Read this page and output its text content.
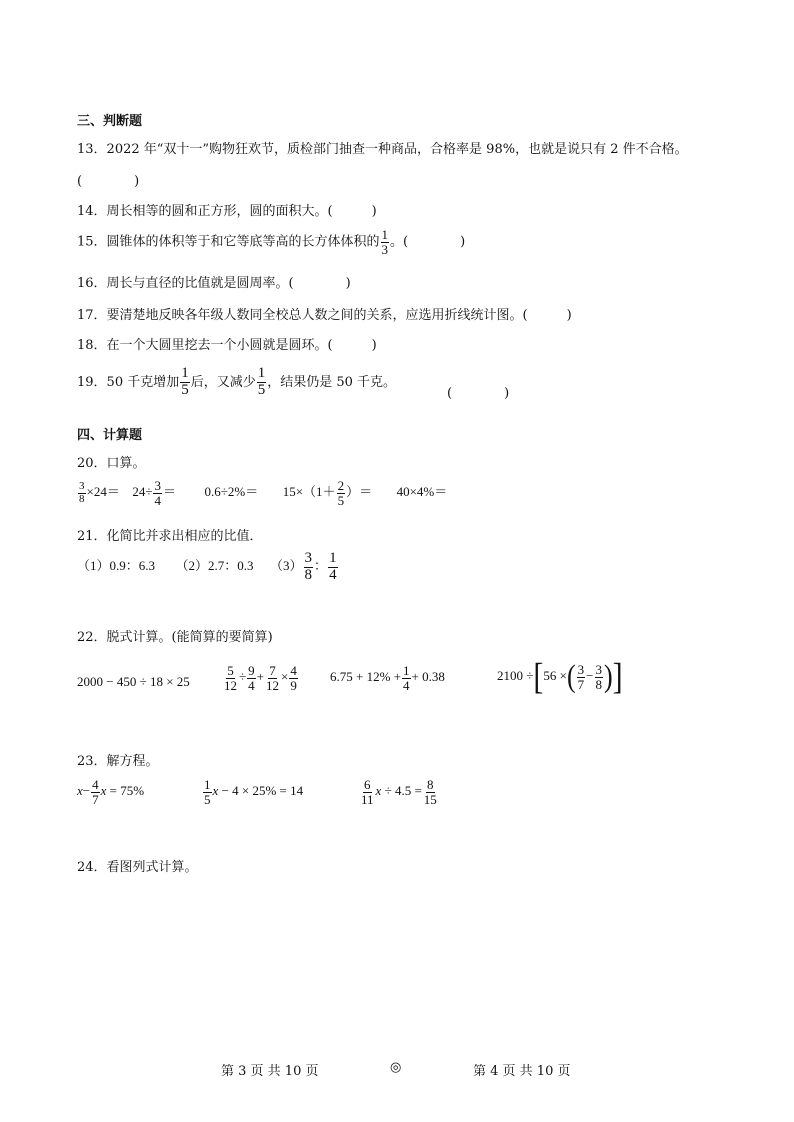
三、判断题
13．2022 年“双十一”购物狂欢节，质检部门抽查一种商品，合格率是 98%，也就是说只有 2 件不合格。
(　　　　)
14．周长相等的圆和正方形，圆的面积大。(　　　)
15．圆锥体的体积等于和它等底等高的长方体体积的 $\frac{1}{3}$ 。(　　　　)
16．周长与直径的比值就是圆周率。(　　　　)
17．要清楚地反映各年级人数同全校总人数之间的关系，应选用折线统计图。(　　　)
18．在一个大圆里挖去一个小圆就是圆环。(　　　)
19．50 千克增加 $\frac{1}{5}$ 后，又减少 $\frac{1}{5}$ ，结果仍是 50 千克。
(　　　　)
四、计算题
20．口算。
$\frac{3}{8} \times 24= 24\div \frac{3}{4} = 0.6\div 2\%= 15\times(1+ \frac{2}{5}$ ）＝ 40×4%＝
21．化简比并求出相应的比值．
（1）0.9：6.3 （2）2.7：0.3 $(3) \frac{3}{8}$ ： $\frac{1}{4}$
22．脱式计算。(能简算的要简算)
2000 − 450 ÷ 18 × 25	$\frac{5}{12} \div \frac{9}{4} + \frac{7}{12} \times \frac{4}{9} 6.75 + 12\% + \frac{1}{4} + 0.38$	2100 ÷[56 ×( $\frac{3}{7} - \frac{3}{8}$ )]
23．解方程。
$x- \frac{4}{7}$ x = 75%	$\frac{1}{5}$ x − 4 × 25% = 14	$\frac{6}{11}$ $x \div 4.5 = \frac{8}{15}$
24．看图列式计算。
第 3 页 共 10 页	◎	第 4 页 共 10 页
